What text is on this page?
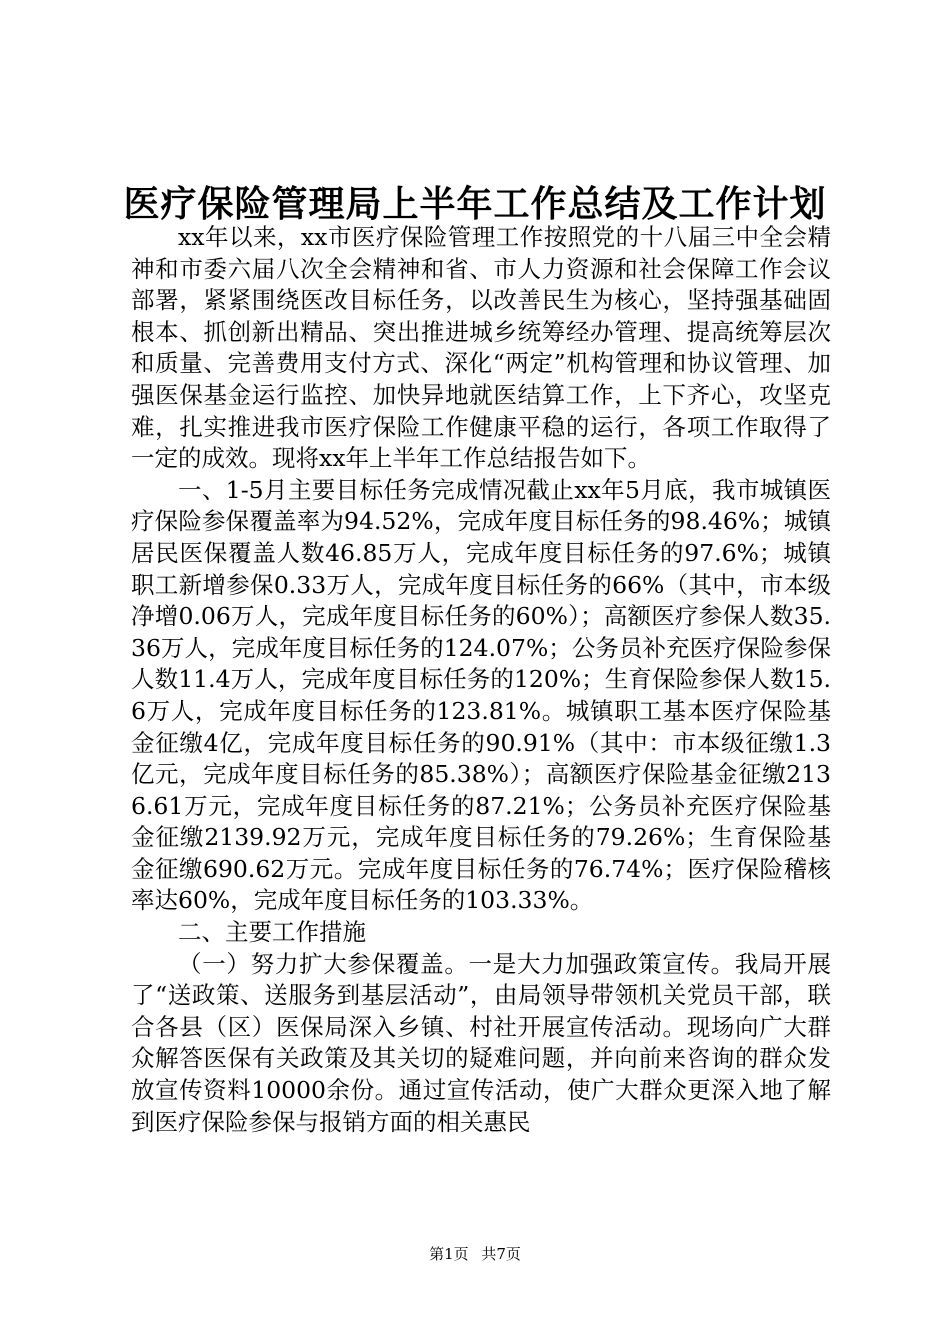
医疗保险管理局上半年工作总结及工作计划

xx年以来，xx市医疗保险管理工作按照党的十八届三中全会精神和市委六届八次全会精神和省、市人力资源和社会保障工作会议部署，紧紧围绕医改目标任务，以改善民生为核心，坚持强基础固根本、抓创新出精品、突出推进城乡统筹经办管理、提高统筹层次和质量、完善费用支付方式、深化“两定”机构管理和协议管理、加强医保基金运行监控、加快异地就医结算工作，上下齐心，攻坚克难，扎实推进我市医疗保险工作健康平稳的运行，各项工作取得了一定的成效。现将xx年上半年工作总结报告如下。

一、1-5月主要目标任务完成情况截止xx年5月底，我市城镇医疗保险参保覆盖率为94.52%，完成年度目标任务的98.46%；城镇居民医保覆盖人数46.85万人，完成年度目标任务的97.6%；城镇职工新增参保0.33万人，完成年度目标任务的66%（其中，市本级净增0.06万人，完成年度目标任务的60%）；高额医疗参保人数35.36万人，完成年度目标任务的124.07%；公务员补充医疗保险参保人数11.4万人，完成年度目标任务的120%；生育保险参保人数15.6万人，完成年度目标任务的123.81%。城镇职工基本医疗保险基金征缴4亿，完成年度目标任务的90.91%（其中：市本级征缴1.3亿元，完成年度目标任务的85.38%）；高额医疗保险基金征缴2136.61万元，完成年度目标任务的87.21%；公务员补充医疗保险基金征缴2139.92万元，完成年度目标任务的79.26%；生育保险基金征缴690.62万元。完成年度目标任务的76.74%；医疗保险稽核率达60%，完成年度目标任务的103.33%。

二、主要工作措施

（一）努力扩大参保覆盖。一是大力加强政策宣传。我局开展了“送政策、送服务到基层活动”，由局领导带领机关党员干部，联合各县（区）医保局深入乡镇、村社开展宣传活动。现场向广大群众解答医保有关政策及其关切的疑难问题，并向前来咨询的群众发放宣传资料10000余份。通过宣传活动，使广大群众更深入地了解到医疗保险参保与报销方面的相关惠民

第1页 共7页
